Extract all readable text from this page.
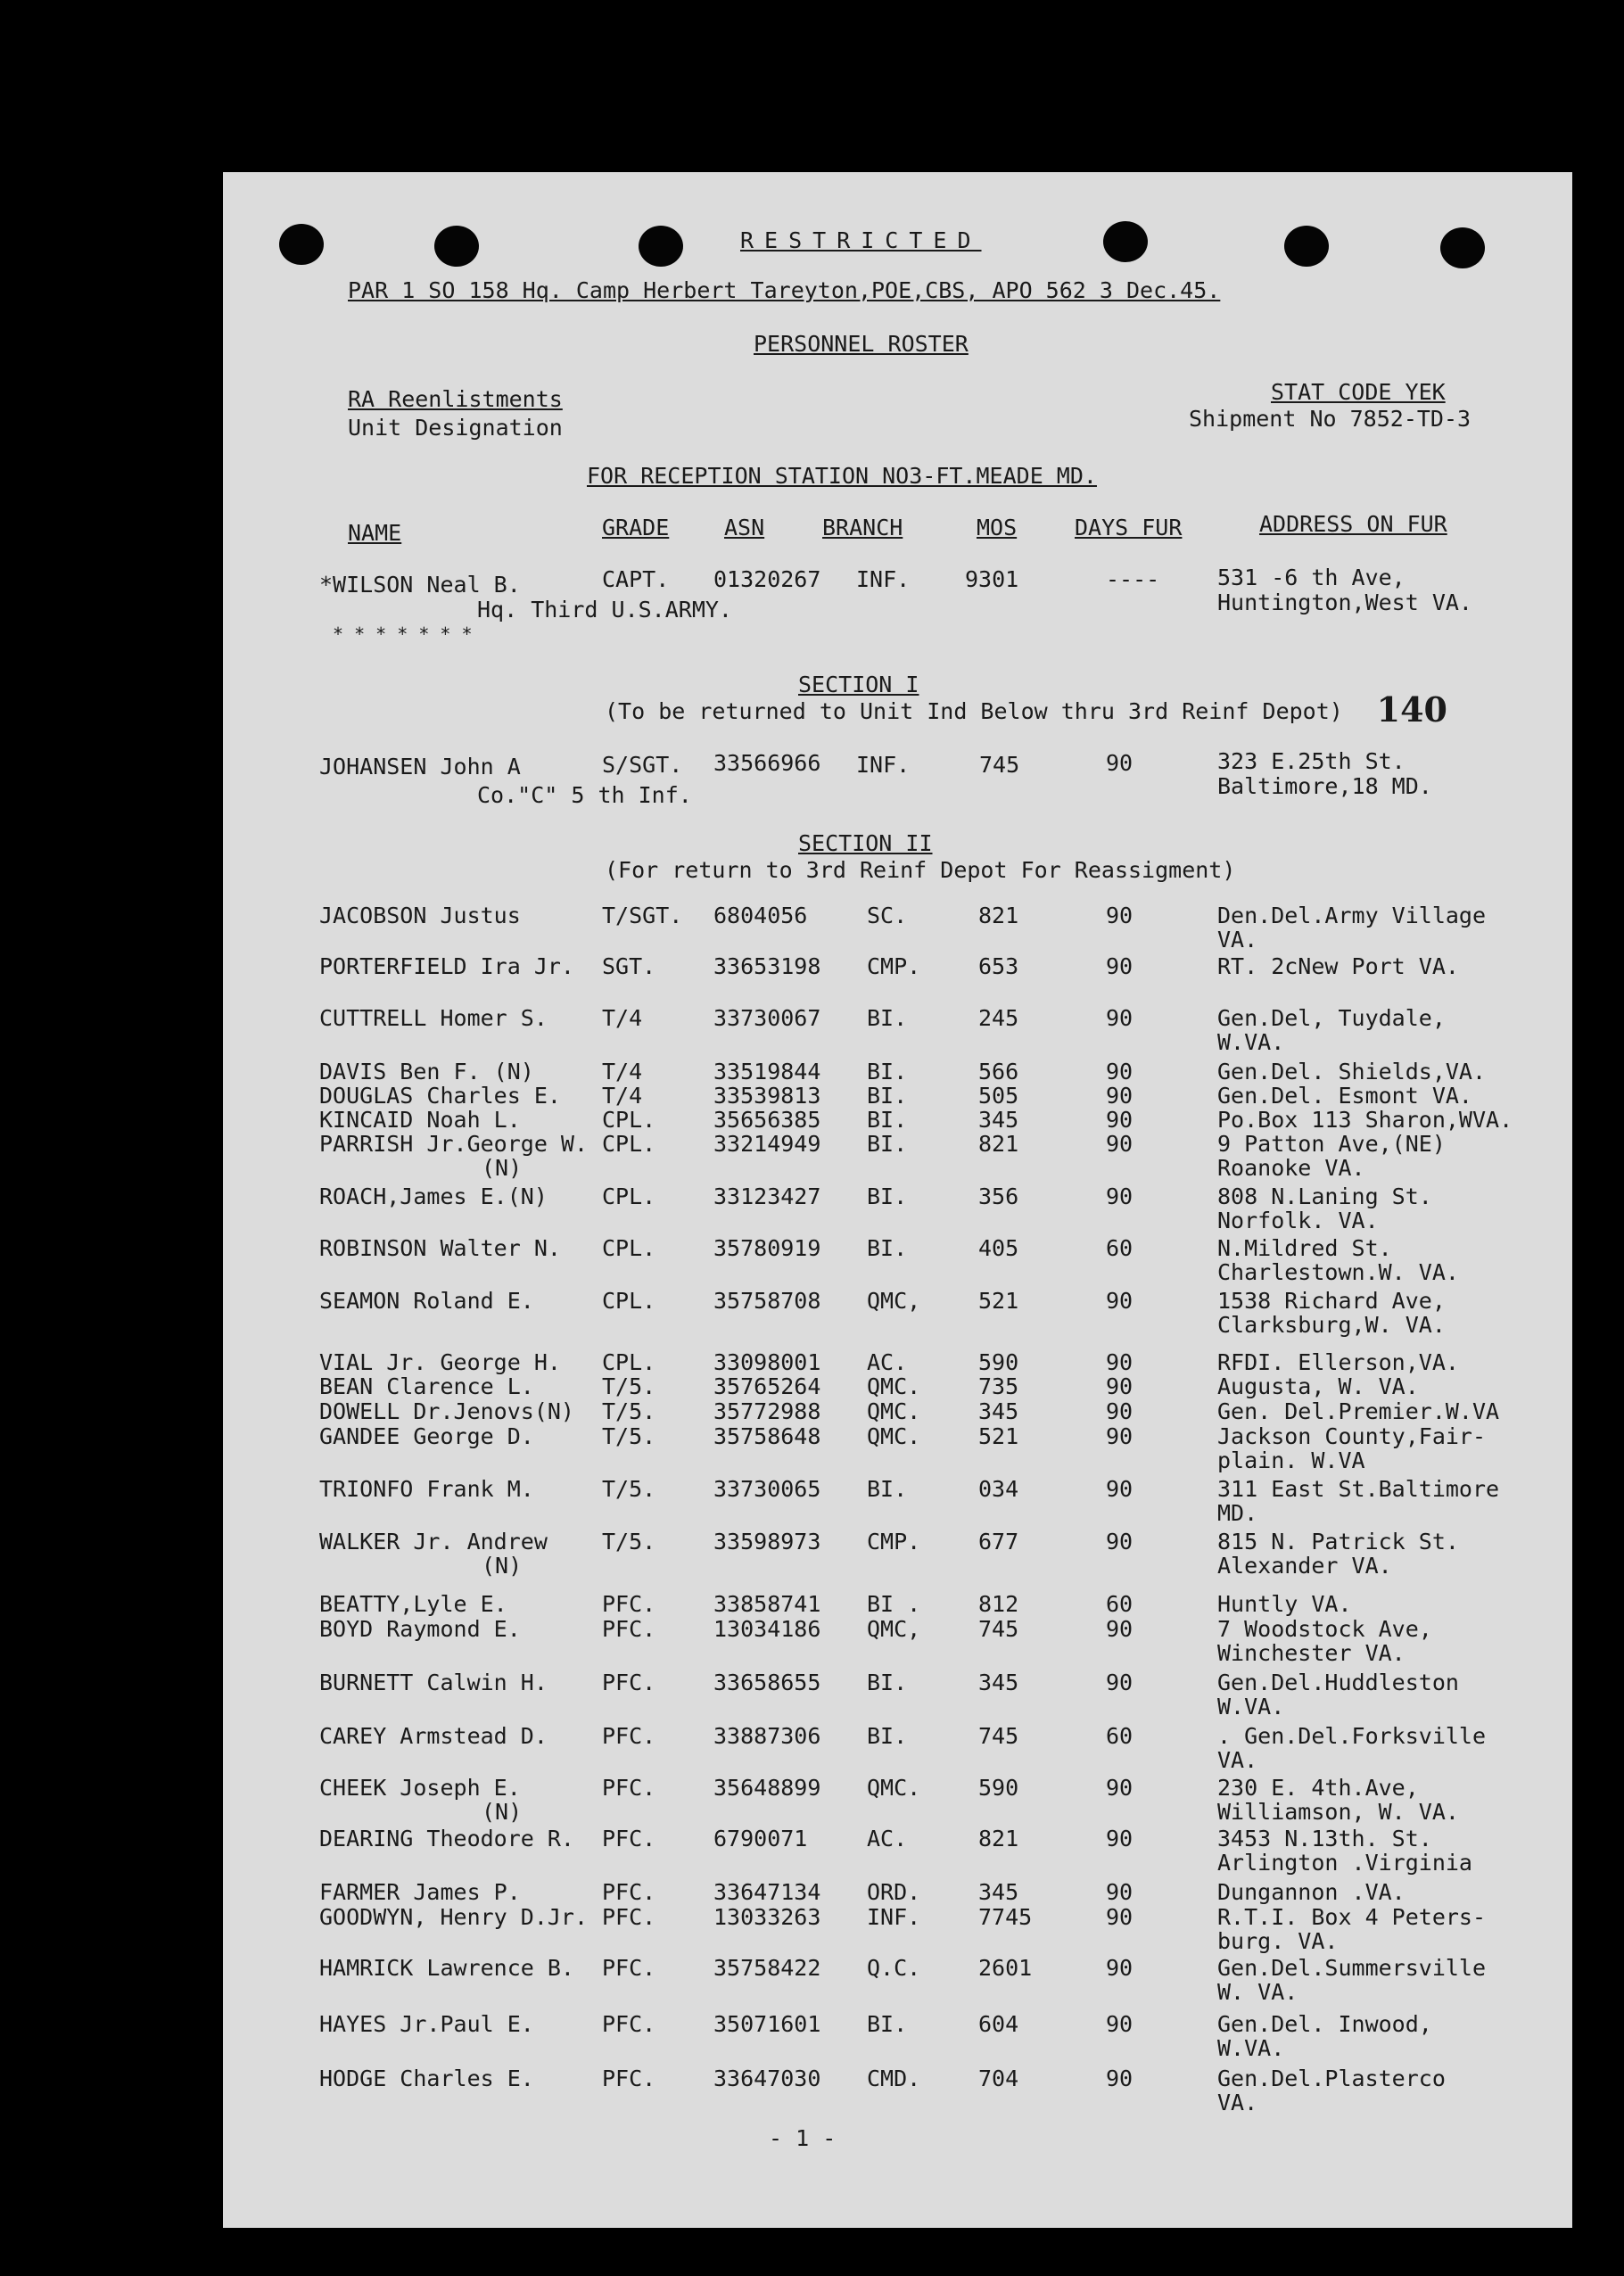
RESTRICTED
PAR 1 SO 158 Hq. Camp Herbert Tareyton,POE,CBS, APO 562 3 Dec.45.
PERSONNEL ROSTER
RA Reenlistments
Unit Designation
STAT CODE YEK
Shipment No 7852-TD-3
FOR RECEPTION STATION NO3-FT.MEADE MD.
NAME	GRADE ASN	BRANCH	MOS	DAYS FUR	ADDRESS ON FUR
*WILSON Neal B.	CAPT. 01320267 INF. 9301	----	531 -6 th Ave,
Huntington,West VA.
Hq. Third U.S.ARMY.
* * * * * * *
SECTION I
(To be returned to Unit Ind Below thru 3rd Reinf Depot) 140
JOHANSEN John A	S/SGT. 33566966 INF.	745	90	323 E.25th St.
Baltimore,18 MD.
Co."C" 5 th Inf.
SECTION II
(For return to 3rd Reinf Depot For Reassigment)
JACOBSON Justus	T/SGT. 6804056	SC.	821	90	Den.Del.Army Village
VA.
PORTERFIELD Ira Jr. SGT.	33653198 CMP.	653	90	RT. 2cNew Port VA.
CUTTRELL Homer S. T/4	33730067 BI.	245	90	Gen.Del, Tuydale,
W.VA.
DAVIS Ben F. (N)	T/4	33519844 BI.	566	90	Gen.Del. Shields,VA.
DOUGLAS Charles E. T/4	33539813 BI.	505	90	Gen.Del. Esmont VA.
KINCAID Noah L.	CPL.	35656385 BI.	345	90	Po.Box 113 Sharon,WVA.
PARRISH Jr.George W. CPL.	33214949 BI.	821	90	9 Patton Ave,(NE)
Roanoke VA.
(N)
ROACH,James E.(N) CPL.	33123427 BI.	356	90	808 N.Laning St.
Norfolk. VA.
ROBINSON Walter N. CPL.	35780919 BI.	405	60	N.Mildred St.
Charlestown.W. VA.
SEAMON Roland E.	CPL.	35758708 QMC,	521	90	1538 Richard Ave,
Clarksburg,W. VA.
VIAL Jr. George H. CPL.	33098001 AC.	590	90	RFDI. Ellerson,VA.
BEAN Clarence L.	T/5.	35765264 QMC.	735	90	Augusta, W. VA.
DOWELL Dr.Jenovs(N) T/5.	35772988 QMC.	345	90	Gen. Del.Premier.W.VA
GANDEE George D.	T/5.	35758648 QMC.	521	90	Jackson County,Fair-
plain. W.VA
TRIONFO Frank M.	T/5.	33730065 BI.	034	90	311 East St.Baltimore
MD.
WALKER Jr. Andrew T/5.	33598973 CMP.	677	90	815 N. Patrick St.
Alexander VA.
(N)
BEATTY,Lyle E.	PFC.	33858741 BI .	812	60	Huntly VA.
BOYD Raymond E.	PFC.	13034186 QMC,	745	90	7 Woodstock Ave,
Winchester VA.
BURNETT Calwin H. PFC.	33658655 BI.	345	90	Gen.Del.Huddleston
W.VA.
CAREY Armstead D. PFC.	33887306 BI.	745	60	. Gen.Del.Forksville
VA.
CHEEK Joseph E.	PFC.	35648899 QMC.	590	90	230 E. 4th.Ave,
Williamson, W. VA.
(N)
DEARING Theodore R. PFC.	6790071	AC.	821	90	3453 N.13th. St.
Arlington .Virginia
FARMER James P.	PFC.	33647134 ORD.	345	90	Dungannon .VA.
GOODWYN, Henry D.Jr. PFC.	13033263 INF.	7745	90	R.T.I. Box 4 Peters-
burg. VA.
HAMRICK Lawrence B. PFC.	35758422 Q.C.	2601	90	Gen.Del.Summersville
W. VA.
HAYES Jr.Paul E.	PFC.	35071601 BI.	604	90	Gen.Del. Inwood,
W.VA.
HODGE Charles E.	PFC.	33647030 CMD.	704	90	Gen.Del.Plasterco
VA.
- 1 -
